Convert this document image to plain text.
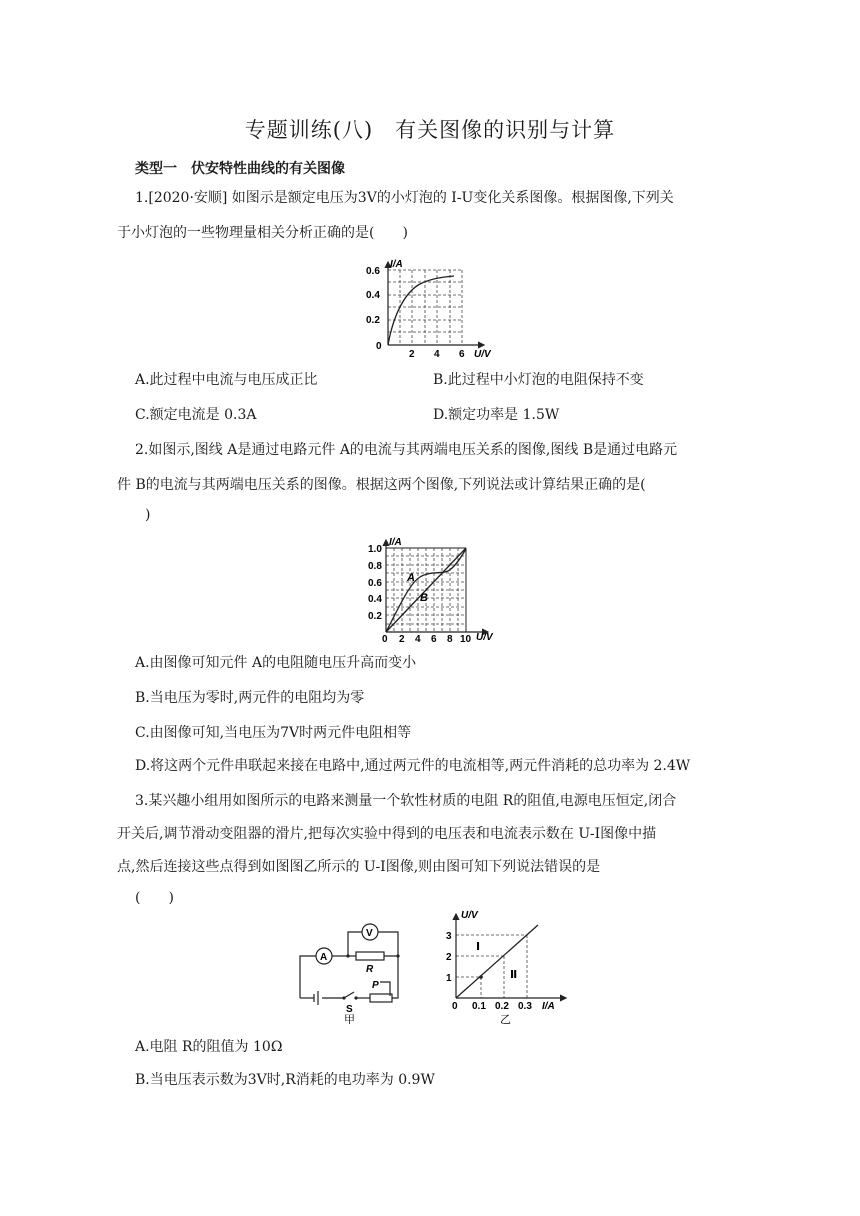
专题训练(八)　有关图像的识别与计算
类型一　伏安特性曲线的有关图像
1.[2020·安顺] 如图示是额定电压为3V的小灯泡的 I-U变化关系图像。根据图像,下列关
于小灯泡的一些物理量相关分析正确的是(　　)
I/A
U/V
0.6
0.4
0.2
0
2 4 6
A.此过程中电流与电压成正比	B.此过程中小灯泡的电阻保持不变
C.额定电流是 0.3A	D.额定功率是 1.5W
2.如图示,图线 A是通过电路元件 A的电流与其两端电压关系的图像,图线 B是通过电路元
件 B的电流与其两端电压关系的图像。根据这两个图像,下列说法或计算结果正确的是(
)
A
B
I/A
U/V
1.0
0.8
0.6
0.4
0.2
0 2 4 6 8 10
A.由图像可知元件 A的电阻随电压升高而变小
B.当电压为零时,两元件的电阻均为零
C.由图像可知,当电压为7V时两元件电阻相等
D.将这两个元件串联起来接在电路中,通过两元件的电流相等,两元件消耗的总功率为 2.4W
3.某兴趣小组用如图所示的电路来测量一个软性材质的电阻 R的阻值,电源电压恒定,闭合
开关后,调节滑动变阻器的滑片,把每次实验中得到的电压表和电流表示数在 U-I图像中描
点,然后连接这些点得到如图图乙所示的 U-I图像,则由图可知下列说法错误的是
(　　)
A
V
R
P
S
甲
Ⅰ
Ⅱ
U/V
I/A
3
2
1
0 0.1 0.2 0.3
乙
A.电阻 R的阻值为 10Ω
B.当电压表示数为3V时,R消耗的电功率为 0.9W
